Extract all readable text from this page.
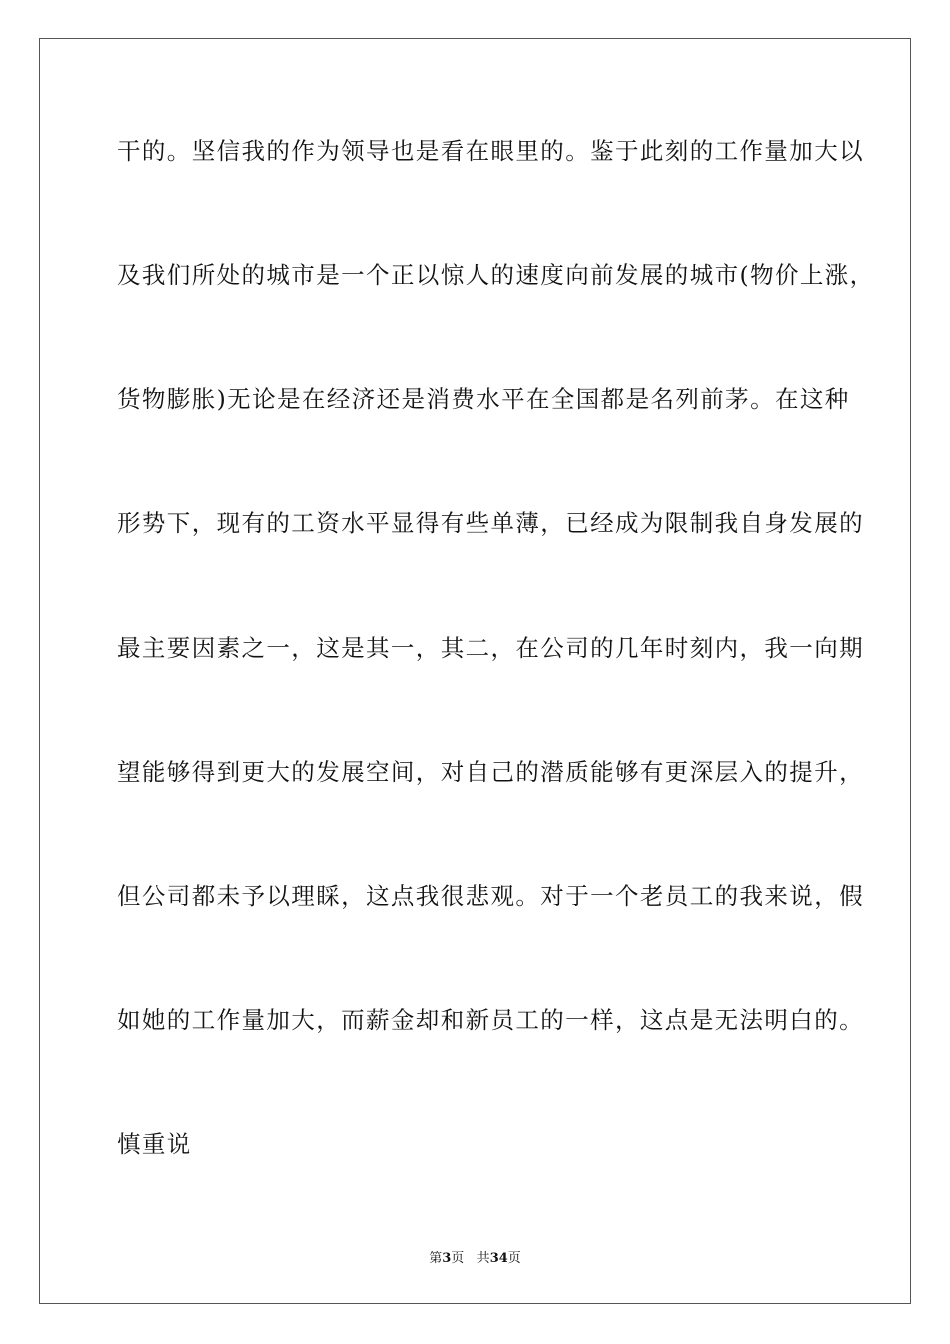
干的。坚信我的作为领导也是看在眼里的。鉴于此刻的工作量加大以
及我们所处的城市是一个正以惊人的速度向前发展的城市(物价上涨，
货物膨胀)无论是在经济还是消费水平在全国都是名列前茅。在这种
形势下，现有的工资水平显得有些单薄，已经成为限制我自身发展的
最主要因素之一，这是其一，其二，在公司的几年时刻内，我一向期
望能够得到更大的发展空间，对自己的潜质能够有更深层入的提升，
但公司都未予以理睬，这点我很悲观。对于一个老员工的我来说，假
如她的工作量加大，而薪金却和新员工的一样，这点是无法明白的。
慎重说
第3页 共34页
